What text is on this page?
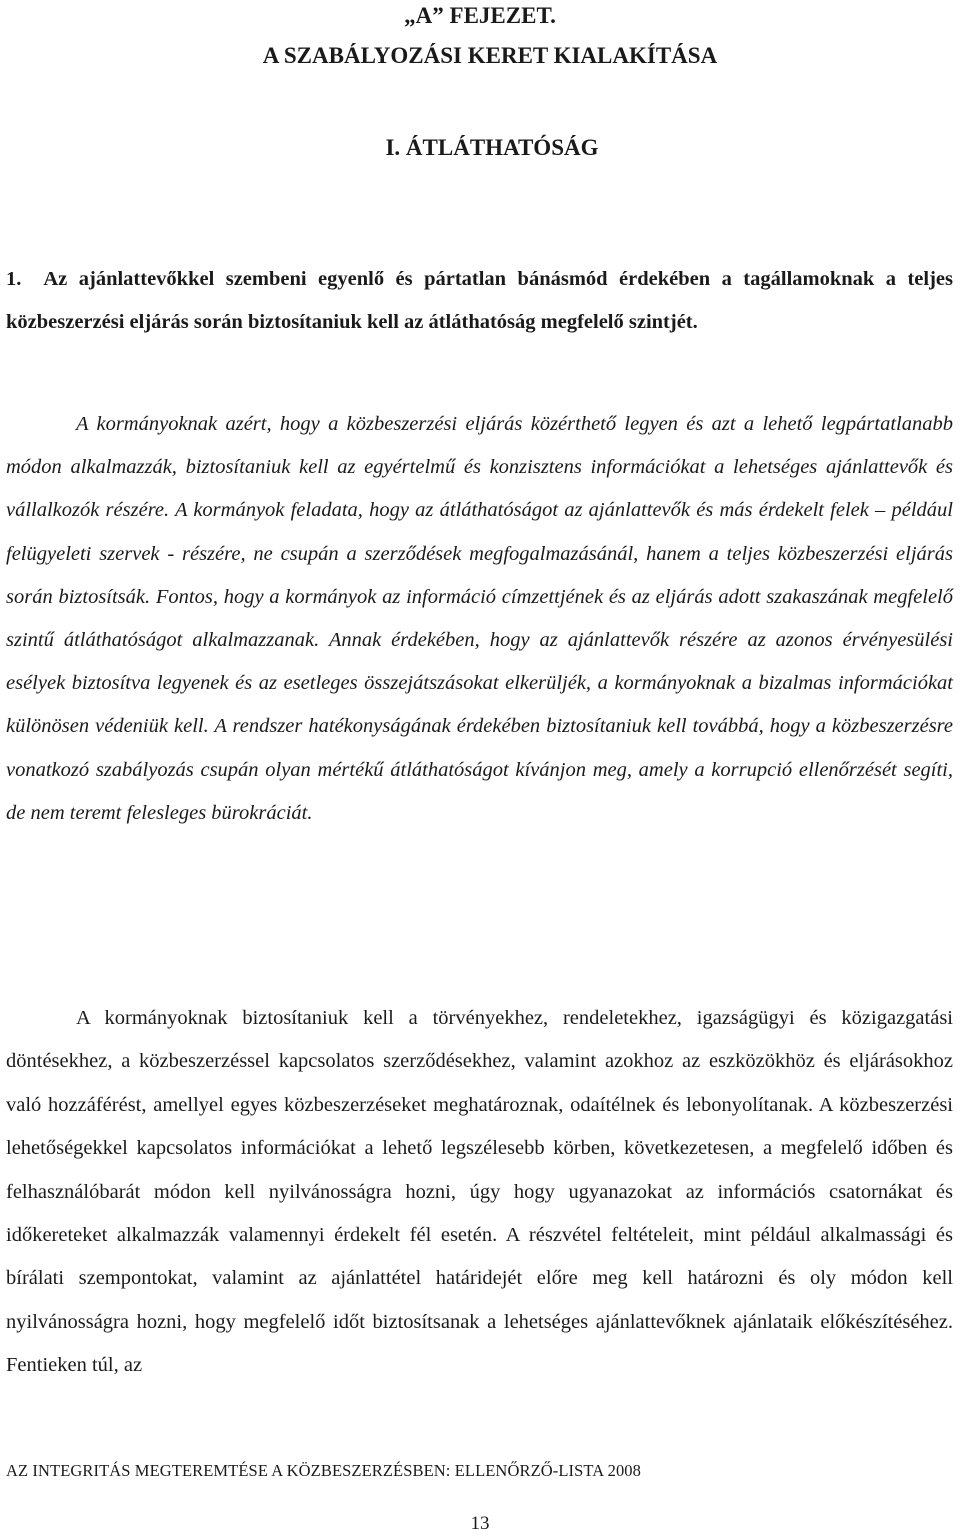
„A” FEJEZET.
A SZABÁLYOZÁSI KERET KIALAKÍTÁSA
I. ÁTLÁTHATÓSÁG

1. Az ajánlattevőkkel szembeni egyenlő és pártatlan bánásmód érdekében a tagállamoknak a teljes közbeszerzési eljárás során biztosítaniuk kell az átláthatóság megfelelő szintjét.

A kormányoknak azért, hogy a közbeszerzési eljárás közérthető legyen és azt a lehető legpártatlanabb módon alkalmazzák, biztosítaniuk kell az egyértelmű és konzisztens információkat a lehetséges ajánlattevők és vállalkozók részére. A kormányok feladata, hogy az átláthatóságot az ajánlattevők és más érdekelt felek – például felügyeleti szervek - részére, ne csupán a szerződések megfogalmazásánál, hanem a teljes közbeszerzési eljárás során biztosítsák. Fontos, hogy a kormányok az információ címzettjének és az eljárás adott szakaszának megfelelő szintű átláthatóságot alkalmazzanak. Annak érdekében, hogy az ajánlattevők részére az azonos érvényesülési esélyek biztosítva legyenek és az esetleges összejátszásokat elkerüljék, a kormányoknak a bizalmas információkat különösen védeniük kell. A rendszer hatékonyságának érdekében biztosítaniuk kell továbbá, hogy a közbeszerzésre vonatkozó szabályozás csupán olyan mértékű átláthatóságot kívánjon meg, amely a korrupció ellenőrzését segíti, de nem teremt felesleges bürokráciát.

A kormányoknak biztosítaniuk kell a törvényekhez, rendeletekhez, igazságügyi és közigazgatási döntésekhez, a közbeszerzéssel kapcsolatos szerződésekhez, valamint azokhoz az eszközökhöz és eljárásokhoz való hozzáférést, amellyel egyes közbeszerzéseket meghatároznak, odaítélnek és lebonyolítanak. A közbeszerzési lehetőségekkel kapcsolatos információkat a lehető legszélesebb körben, következetesen, a megfelelő időben és felhasználóbarát módon kell nyilvánosságra hozni, úgy hogy ugyanazokat az információs csatornákat és időkereteket alkalmazzák valamennyi érdekelt fél esetén. A részvétel feltételeit, mint például alkalmassági és bírálati szempontokat, valamint az ajánlattétel határidejét előre meg kell határozni és oly módon kell nyilvánosságra hozni, hogy megfelelő időt biztosítsanak a lehetséges ajánlattevőknek ajánlataik előkészítéséhez. Fentieken túl, az

AZ INTEGRITÁS MEGTEREMTÉSE A KÖZBESZERZÉSBEN: ELLENŐRZŐ-LISTA 2008
13
